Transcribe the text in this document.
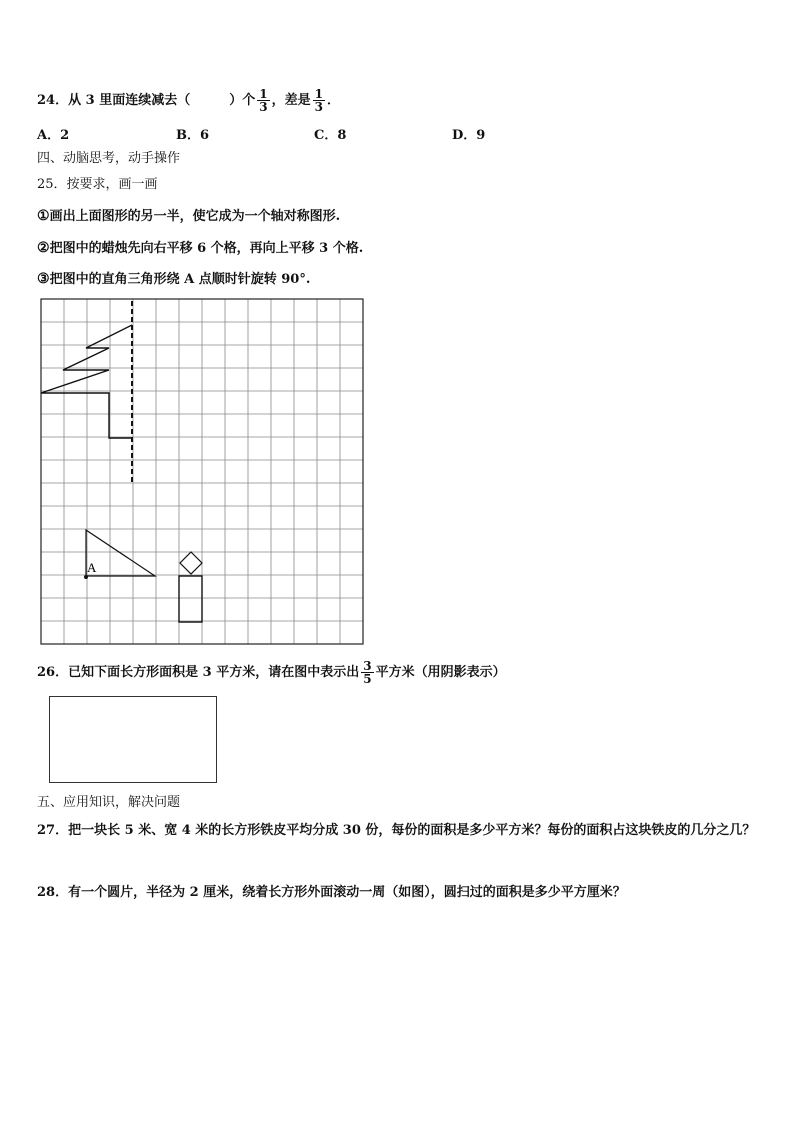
24．从 3 里面连续减去（　　　）个 $\frac{1}{3}$ ，差是 $\frac{1}{3}$ ．
A．2	B．6	C．8	D．9
四、动脑思考，动手操作
25．按要求，画一画
①画出上面图形的另一半，使它成为一个轴对称图形.
②把图中的蜡烛先向右平移 6 个格，再向上平移 3 个格.
③把图中的直角三角形绕 A 点顺时针旋转 90°.
A
26．已知下面长方形面积是 3 平方米，请在图中表示出 $\frac{3}{5}$ 平方米（用阴影表示）
五、应用知识，解决问题
27．把一块长 5 米、宽 4 米的长方形铁皮平均分成 30 份，每份的面积是多少平方米？每份的面积占这块铁皮的几分之几？
28．有一个圆片，半径为 2 厘米，绕着长方形外面滚动一周（如图），圆扫过的面积是多少平方厘米？
